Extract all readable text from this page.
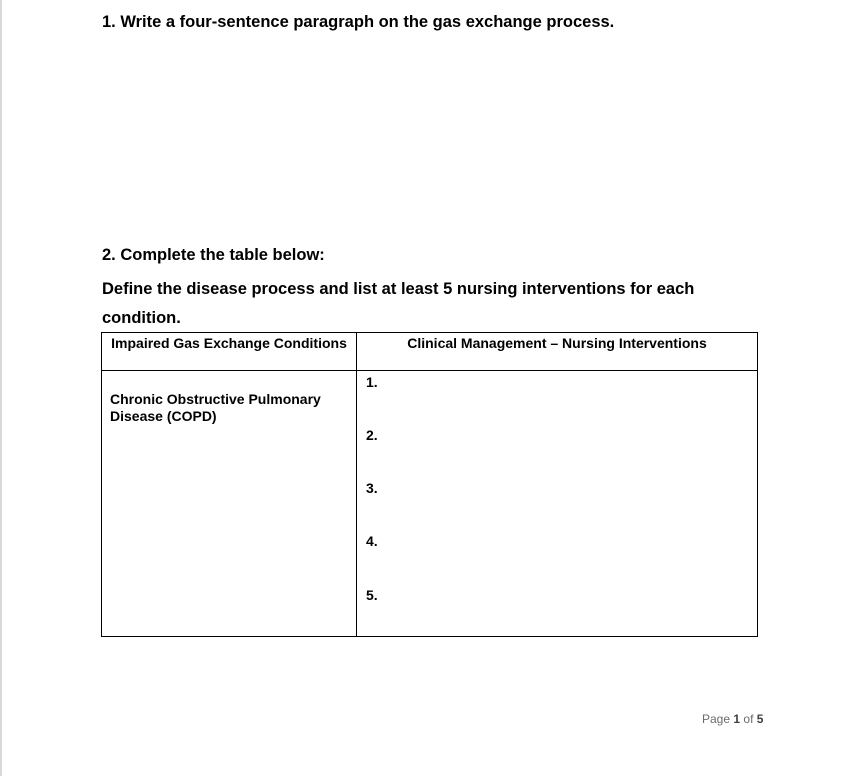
1. Write a four-sentence paragraph on the gas exchange process.
2. Complete the table below:
Define the disease process and list at least 5 nursing interventions for each condition.
Impaired Gas Exchange Conditions	Clinical Management – Nursing Interventions

Chronic Obstructive Pulmonary Disease (COPD)	1.
2.
3.
4.
5.
Page 1 of 5
